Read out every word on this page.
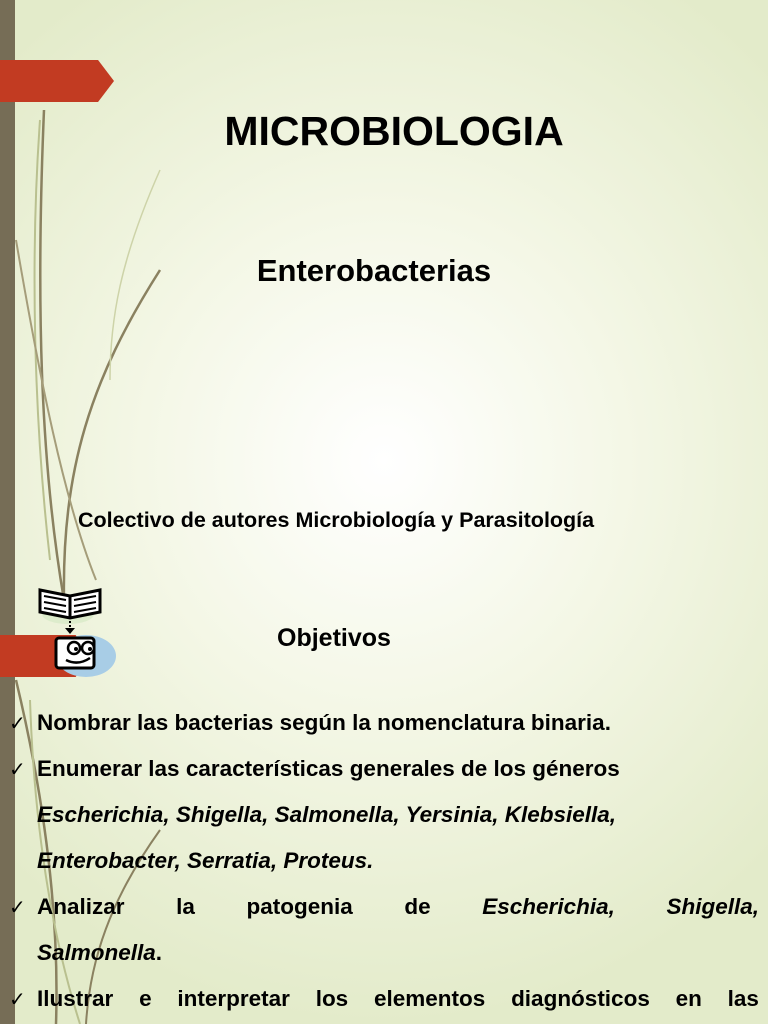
MICROBIOLOGIA
Enterobacterias
Colectivo de autores Microbiología y Parasitología
Objetivos
✓ Nombrar las bacterias según la nomenclatura binaria.
✓ Enumerar las características generales de los géneros
Escherichia, Shigella, Salmonella, Yersinia, Klebsiella,
Enterobacter, Serratia, Proteus.
✓ Analizar la patogenia de Escherichia, Shigella,
Salmonella.
✓ Ilustrar e interpretar los elementos diagnósticos en las
